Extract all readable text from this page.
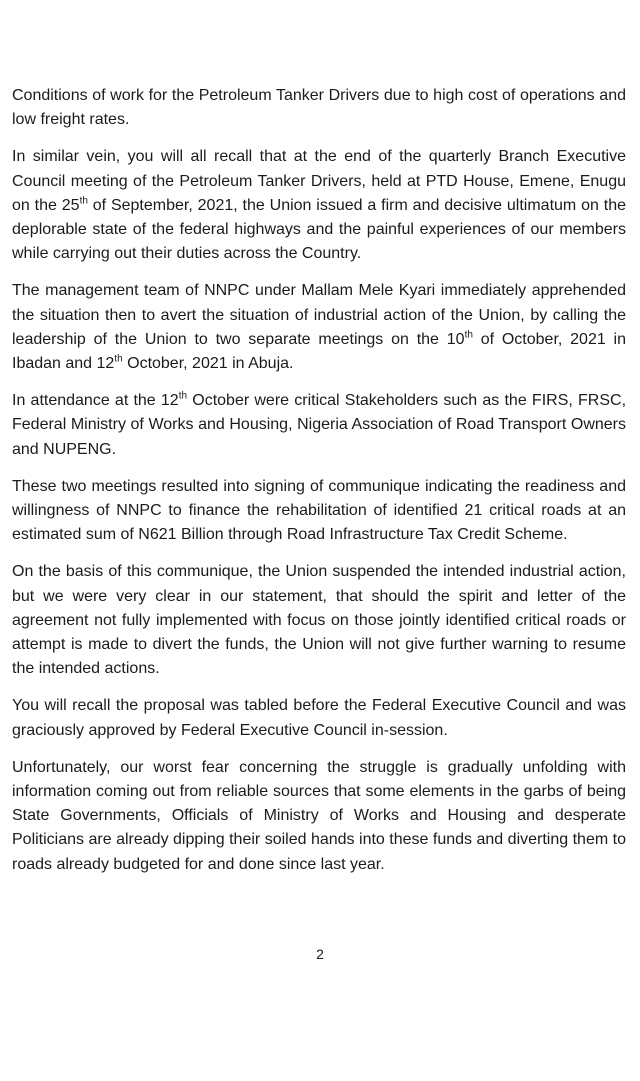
Conditions of work for the Petroleum Tanker Drivers due to high cost of operations and low freight rates.

In similar vein, you will all recall that at the end of the quarterly Branch Executive Council meeting of the Petroleum Tanker Drivers, held at PTD House, Emene, Enugu on the 25th of September, 2021, the Union issued a firm and decisive ultimatum on the deplorable state of the federal highways and the painful experiences of our members while carrying out their duties across the Country.

The management team of NNPC under Mallam Mele Kyari immediately apprehended the situation then to avert the situation of industrial action of the Union, by calling the leadership of the Union to two separate meetings on the 10th of October, 2021 in Ibadan and 12th October, 2021 in Abuja.

In attendance at the 12th October were critical Stakeholders such as the FIRS, FRSC, Federal Ministry of Works and Housing, Nigeria Association of Road Transport Owners and NUPENG.

These two meetings resulted into signing of communique indicating the readiness and willingness of NNPC to finance the rehabilitation of identified 21 critical roads at an estimated sum of N621 Billion through Road Infrastructure Tax Credit Scheme.

On the basis of this communique, the Union suspended the intended industrial action, but we were very clear in our statement, that should the spirit and letter of the agreement not fully implemented with focus on those jointly identified critical roads or attempt is made to divert the funds, the Union will not give further warning to resume the intended actions.

You will recall the proposal was tabled before the Federal Executive Council and was graciously approved by Federal Executive Council in-session.

Unfortunately, our worst fear concerning the struggle is gradually unfolding with information coming out from reliable sources that some elements in the garbs of being State Governments, Officials of Ministry of Works and Housing and desperate Politicians are already dipping their soiled hands into these funds and diverting them to roads already budgeted for and done since last year.

2
